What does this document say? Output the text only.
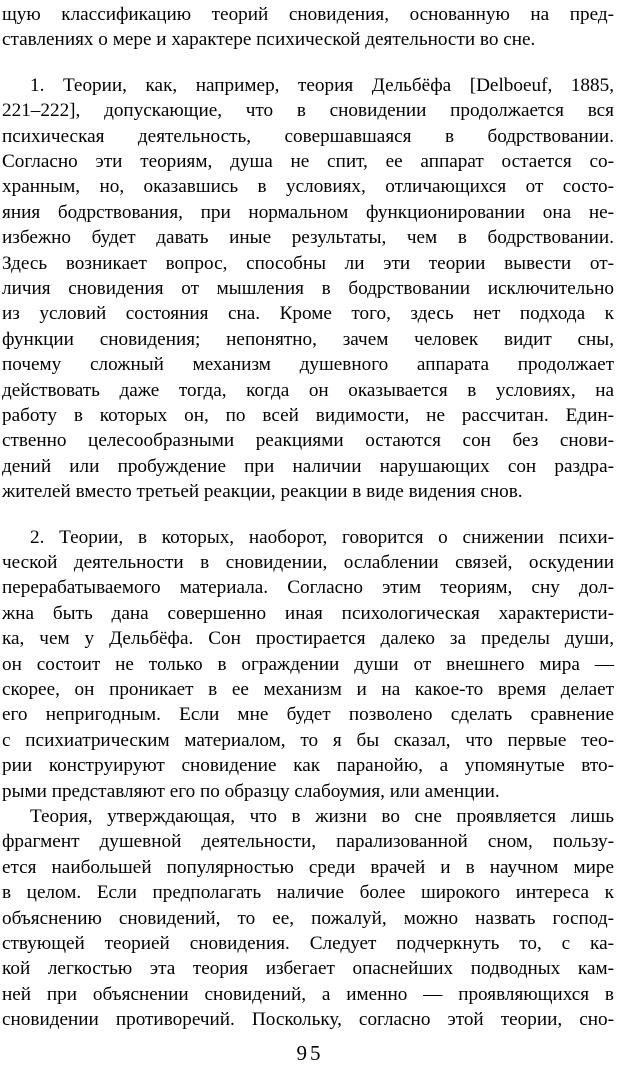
щую классификацию теорий сновидения, основанную на пред-
ставлениях о мере и характере психической деятельности во сне.
1. Теории, как, например, теория Дельбёфа [Delboeuf, 1885,
221–222], допускающие, что в сновидении продолжается вся
психическая деятельность, совершавшаяся в бодрствовании.
Согласно эти теориям, душа не спит, ее аппарат остается со-
хранным, но, оказавшись в условиях, отличающихся от состо-
яния бодрствования, при нормальном функционировании она не-
избежно будет давать иные результаты, чем в бодрствовании.
Здесь возникает вопрос, способны ли эти теории вывести от-
личия сновидения от мышления в бодрствовании исключительно
из условий состояния сна. Кроме того, здесь нет подхода к
функции сновидения; непонятно, зачем человек видит сны,
почему сложный механизм душевного аппарата продолжает
действовать даже тогда, когда он оказывается в условиях, на
работу в которых он, по всей видимости, не рассчитан. Един-
ственно целесообразными реакциями остаются сон без снови-
дений или пробуждение при наличии нарушающих сон раздра-
жителей вместо третьей реакции, реакции в виде видения снов.
2. Теории, в которых, наоборот, говорится о снижении психи-
ческой деятельности в сновидении, ослаблении связей, оскудении
перерабатываемого материала. Согласно этим теориям, сну дол-
жна быть дана совершенно иная психологическая характеристи-
ка, чем у Дельбёфа. Сон простирается далеко за пределы души,
он состоит не только в ограждении души от внешнего мира —
скорее, он проникает в ее механизм и на какое-то время делает
его непригодным. Если мне будет позволено сделать сравнение
с психиатрическим материалом, то я бы сказал, что первые тео-
рии конструируют сновидение как паранойю, а упомянутые вто-
рыми представляют его по образцу слабоумия, или аменции.
Теория, утверждающая, что в жизни во сне проявляется лишь
фрагмент душевной деятельности, парализованной сном, пользу-
ется наибольшей популярностью среди врачей и в научном мире
в целом. Если предполагать наличие более широкого интереса к
объяснению сновидений, то ее, пожалуй, можно назвать господ-
ствующей теорией сновидения. Следует подчеркнуть то, с ка-
кой легкостью эта теория избегает опаснейших подводных кам-
ней при объяснении сновидений, а именно — проявляющихся в
сновидении противоречий. Поскольку, согласно этой теории, сно-
95
